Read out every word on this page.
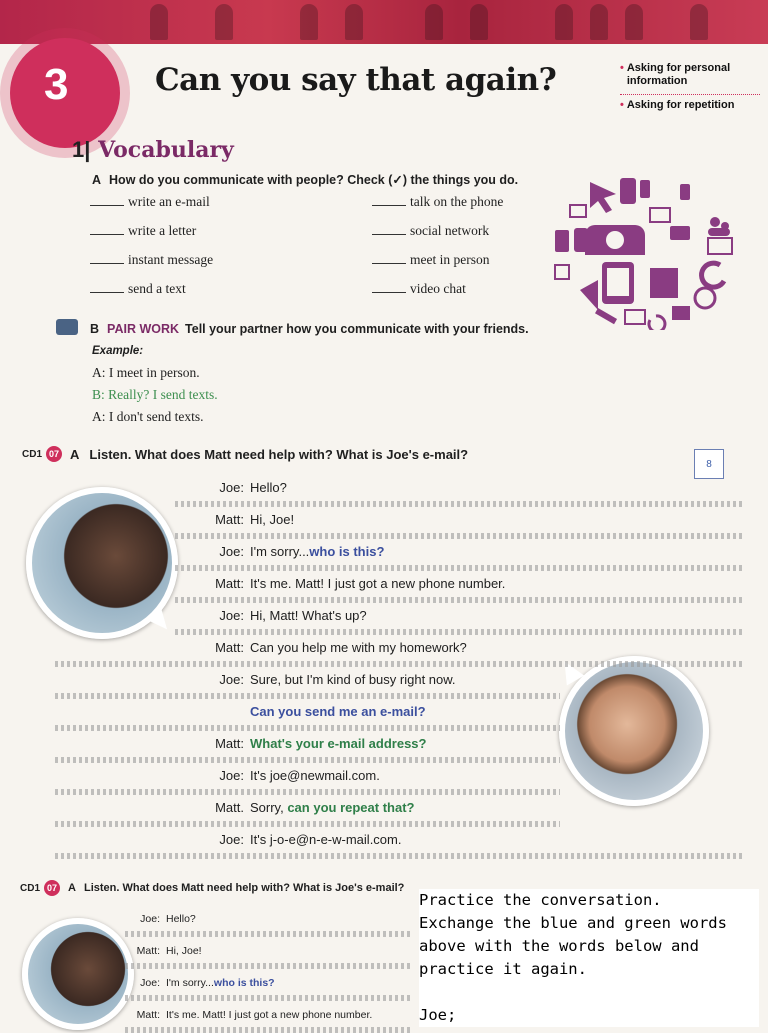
3	Can you say that again?	• Asking for personal information
• Asking for repetition
1| Vocabulary
A How do you communicate with people? Check (✓) the things you do.
write an e-mail
write a letter
instant message
send a text
talk on the phone
social network
meet in person
video chat
B PAIR WORK Tell your partner how you communicate with your friends.
Example:
A: I meet in person.
B: Really? I send texts.
A: I don't send texts.
CD1 07 A Listen. What does Matt need help with? What is Joe's e-mail?
8
Joe: Hello?
Matt: Hi, Joe!
Joe: I'm sorry...who is this?
Matt: It's me. Matt! I just got a new phone number.
Joe: Hi, Matt! What's up?
Matt: Can you help me with my homework?
Joe: Sure, but I'm kind of busy right now.
Can you send me an e-mail?
Matt: What's your e-mail address?
Joe: It's joe@newmail.com.
Matt. Sorry, can you repeat that?
Joe: It's j-o-e@n-e-w-mail.com.
CD1 07 A Listen. What does Matt need help with? What is Joe's e-mail?
Joe: Hello?
Matt: Hi, Joe!
Joe: I'm sorry...who is this?
Matt: It's me. Matt! I just got a new phone number.
Practice the conversation.
Exchange the blue and green words
above with the words below and
practice it again.
Joe;
